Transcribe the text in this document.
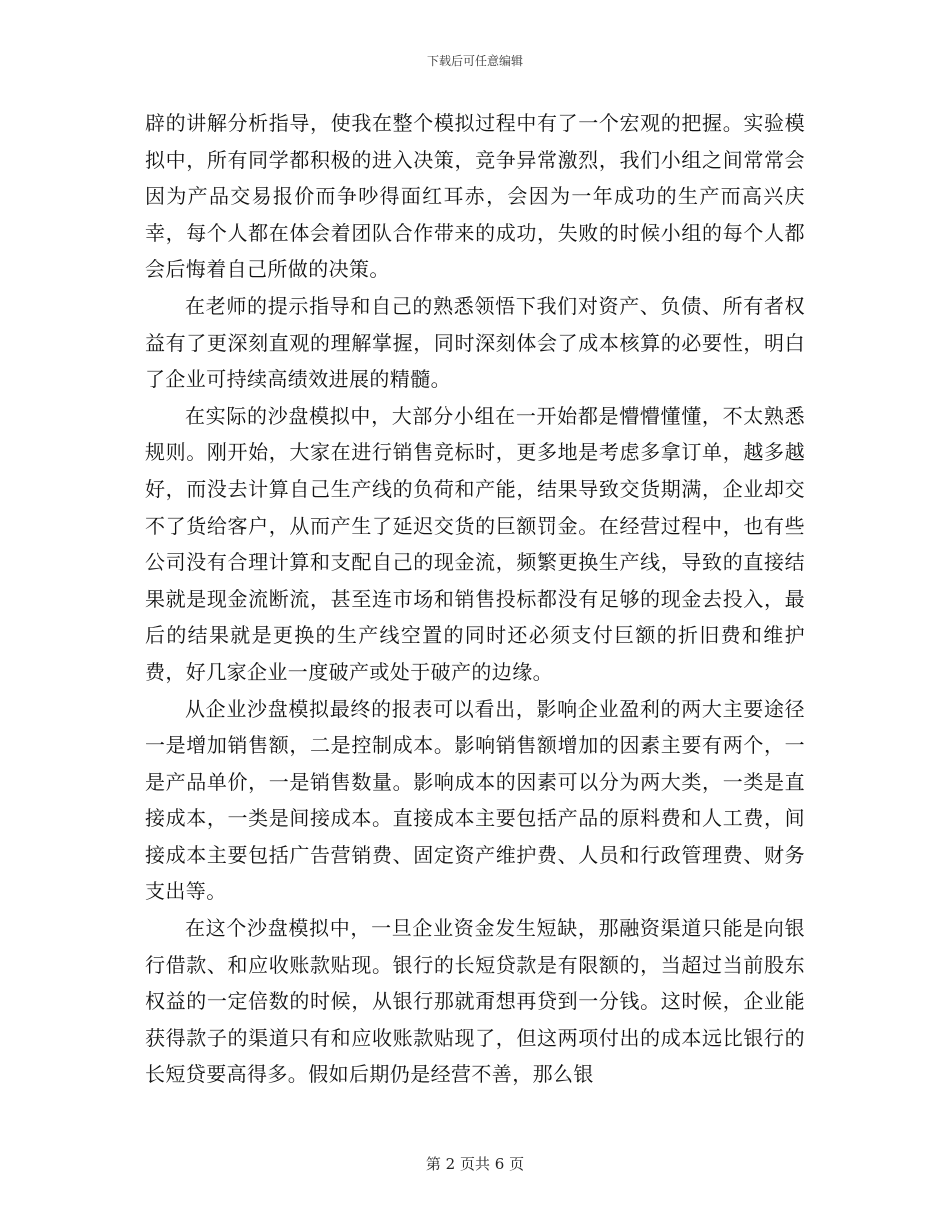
下载后可任意编辑

辟的讲解分析指导，使我在整个模拟过程中有了一个宏观的把握。实验模拟中，所有同学都积极的进入决策，竞争异常激烈，我们小组之间常常会因为产品交易报价而争吵得面红耳赤，会因为一年成功的生产而高兴庆幸，每个人都在体会着团队合作带来的成功，失败的时候小组的每个人都会后悔着自己所做的决策。

在老师的提示指导和自己的熟悉领悟下我们对资产、负债、所有者权益有了更深刻直观的理解掌握，同时深刻体会了成本核算的必要性，明白了企业可持续高绩效进展的精髓。

在实际的沙盘模拟中，大部分小组在一开始都是懵懵懂懂，不太熟悉规则。刚开始，大家在进行销售竞标时，更多地是考虑多拿订单，越多越好，而没去计算自己生产线的负荷和产能，结果导致交货期满，企业却交不了货给客户，从而产生了延迟交货的巨额罚金。在经营过程中，也有些公司没有合理计算和支配自己的现金流，频繁更换生产线，导致的直接结果就是现金流断流，甚至连市场和销售投标都没有足够的现金去投入，最后的结果就是更换的生产线空置的同时还必须支付巨额的折旧费和维护费，好几家企业一度破产或处于破产的边缘。

从企业沙盘模拟最终的报表可以看出，影响企业盈利的两大主要途径一是增加销售额，二是控制成本。影响销售额增加的因素主要有两个，一是产品单价，一是销售数量。影响成本的因素可以分为两大类，一类是直接成本，一类是间接成本。直接成本主要包括产品的原料费和人工费，间接成本主要包括广告营销费、固定资产维护费、人员和行政管理费、财务支出等。

在这个沙盘模拟中，一旦企业资金发生短缺，那融资渠道只能是向银行借款、和应收账款贴现。银行的长短贷款是有限额的，当超过当前股东权益的一定倍数的时候，从银行那就甭想再贷到一分钱。这时候，企业能获得款子的渠道只有和应收账款贴现了，但这两项付出的成本远比银行的长短贷要高得多。假如后期仍是经营不善，那么银

第 2 页共 6 页
